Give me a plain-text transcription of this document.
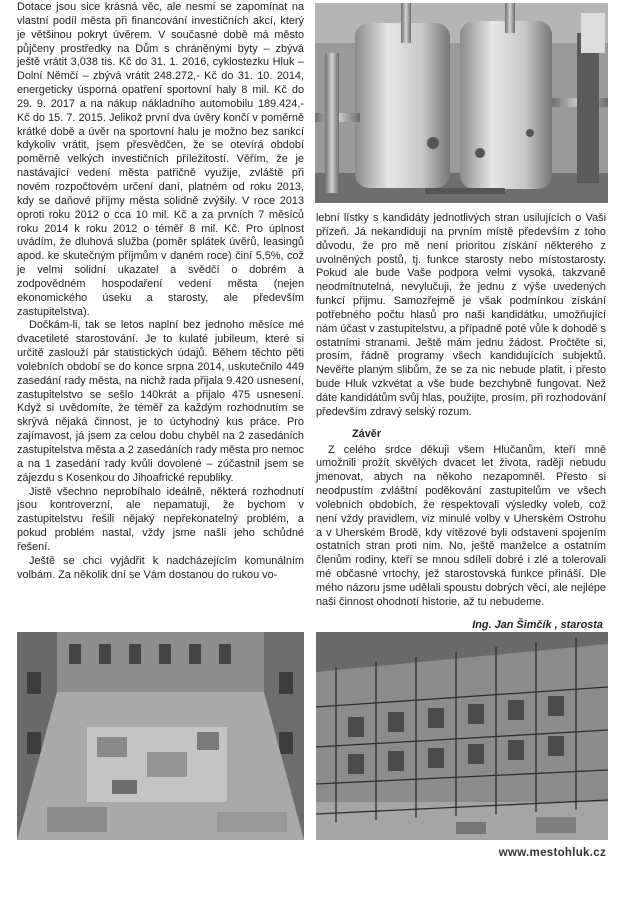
Dotace jsou sice krásná věc, ale nesmí se zapomínat na vlastní podíl města při financování investičních akcí, který je většinou pokryt úvěrem. V současné době má město půjčeny prostředky na Dům s chráněnými byty – zbývá ještě vrátit 3,038 tis. Kč do 31. 1. 2016, cyklostezku Hluk – Dolní Němčí – zbývá vrátit 248.272,- Kč do 31. 10. 2014, energeticky úsporná opatření sportovní haly 8 mil. Kč do 29. 9. 2017 a na nákup nákladního automobilu 189.424,- Kč do 15. 7. 2015. Jelikož první dva úvěry končí v poměrně krátké době a úvěr na sportovní halu je možno bez sankcí kdykoliv vrátit, jsem přesvědčen, že se otevírá období poměrně velkých investičních příležitostí. Věřím, že je nastávající vedení města patřičně využije, zvláště při novém rozpočtovém určení daní, platném od roku 2013, kdy se daňové příjmy města solidně zvýšily. V roce 2013 oproti roku 2012 o cca 10 mil. Kč a za prvních 7 měsíců roku 2014 k roku 2012 o téměř 8 mil. Kč. Pro úplnost uvádím, že dluhová služba (poměr splátek úvěrů, leasingů apod. ke skutečným příjmům v daném roce) činí 5,5%, což je velmi solidní ukazatel a svědčí o dobrém a zodpovědném hospodaření vedení města (nejen ekonomického úseku a starosty, ale především zastupitelstva).

Dočkám-li, tak se letos naplní bez jednoho měsíce mé dvacetileté starostování. Je to kulaté jubileum, které si určitě zaslouží pár statistických údajů. Během těchto pěti volebních období se do konce srpna 2014, uskutečnilo 449 zasedání rady města, na nichž rada přijala 9.420 usnesení, zastupitelstvo se sešlo 140krát a přijalo 475 usnesení. Když si uvědomíte, že téměř za každým rozhodnutím se skrývá nějaká činnost, je to úctyhodný kus práce. Pro zajímavost, já jsem za celou dobu chyběl na 2 zasedáních zastupitelstva města a 2 zasedáních rady města pro nemoc a na 1 zasedání rady kvůli dovolené – zúčastnil jsem se zájezdu s Kosenkou do Jihoafrické republiky.

Jistě všechno neprobíhalo ideálně, některá rozhodnutí jsou kontroverzní, ale nepamatuji, že bychom v zastupitelstvu řešili nějaký nepřekonatelný problém, a pokud problém nastal, vždy jsme našli jeho schůdné řešení.

Ještě se chci vyjádřit k nadcházejícím komunálním volbám. Za několik dní se Vám dostanou do rukou vo-

lební lístky s kandidáty jednotlivých stran usilujících o Vaši přízeň. Já nekandiduji na prvním místě především z toho důvodu, že pro mě není prioritou získání některého z uvolněných postů, tj. funkce starosty nebo místostarosty. Pokud ale bude Vaše podpora velmi vysoká, takzvaně neodmítnutelná, nevylučuji, že jednu z výše uvedených funkcí přijmu. Samozřejmě je však podmínkou získání potřebného počtu hlasů pro naši kandidátku, umožňující nám účast v zastupitelstvu, a případně poté vůle k dohodě s ostatními stranami. Ještě mám jednu žádost. Pročtěte si, prosím, řádně programy všech kandidujících subjektů. Nevěřte planým slibům, že se za nic nebude platit, i přesto bude Hluk vzkvétat a vše bude bezchybně fungovat. Než dáte kandidátům svůj hlas, použijte, prosím, při rozhodování především zdravý selský rozum.

Závěr

Z celého srdce děkuji všem Hlučanům, kteří mně umožnili prožít skvělých dvacet let života, raději nebudu jmenovat, abych na někoho nezapomněl. Přesto si neodpustím zvláštní poděkování zastupitelům ve všech volebních obdobích, že respektovali výsledky voleb, což není vždy pravidlem, viz minulé volby v Uherském Ostrohu a v Uherském Brodě, kdy vítězové byli odstaveni spojením ostatních stran proti nim. No, ještě manželce a ostatním členům rodiny, kteří se mnou sdíleli dobré i zlé a tolerovali mé občasné vrtochy, jež starostovská funkce přináší. Dle mého názoru jsme udělali spoustu dobrých věcí, ale nejlépe naši činnost ohodnotí historie, až tu nebudeme.

Ing. Jan Šimčík , starosta

www.mestohluk.cz
